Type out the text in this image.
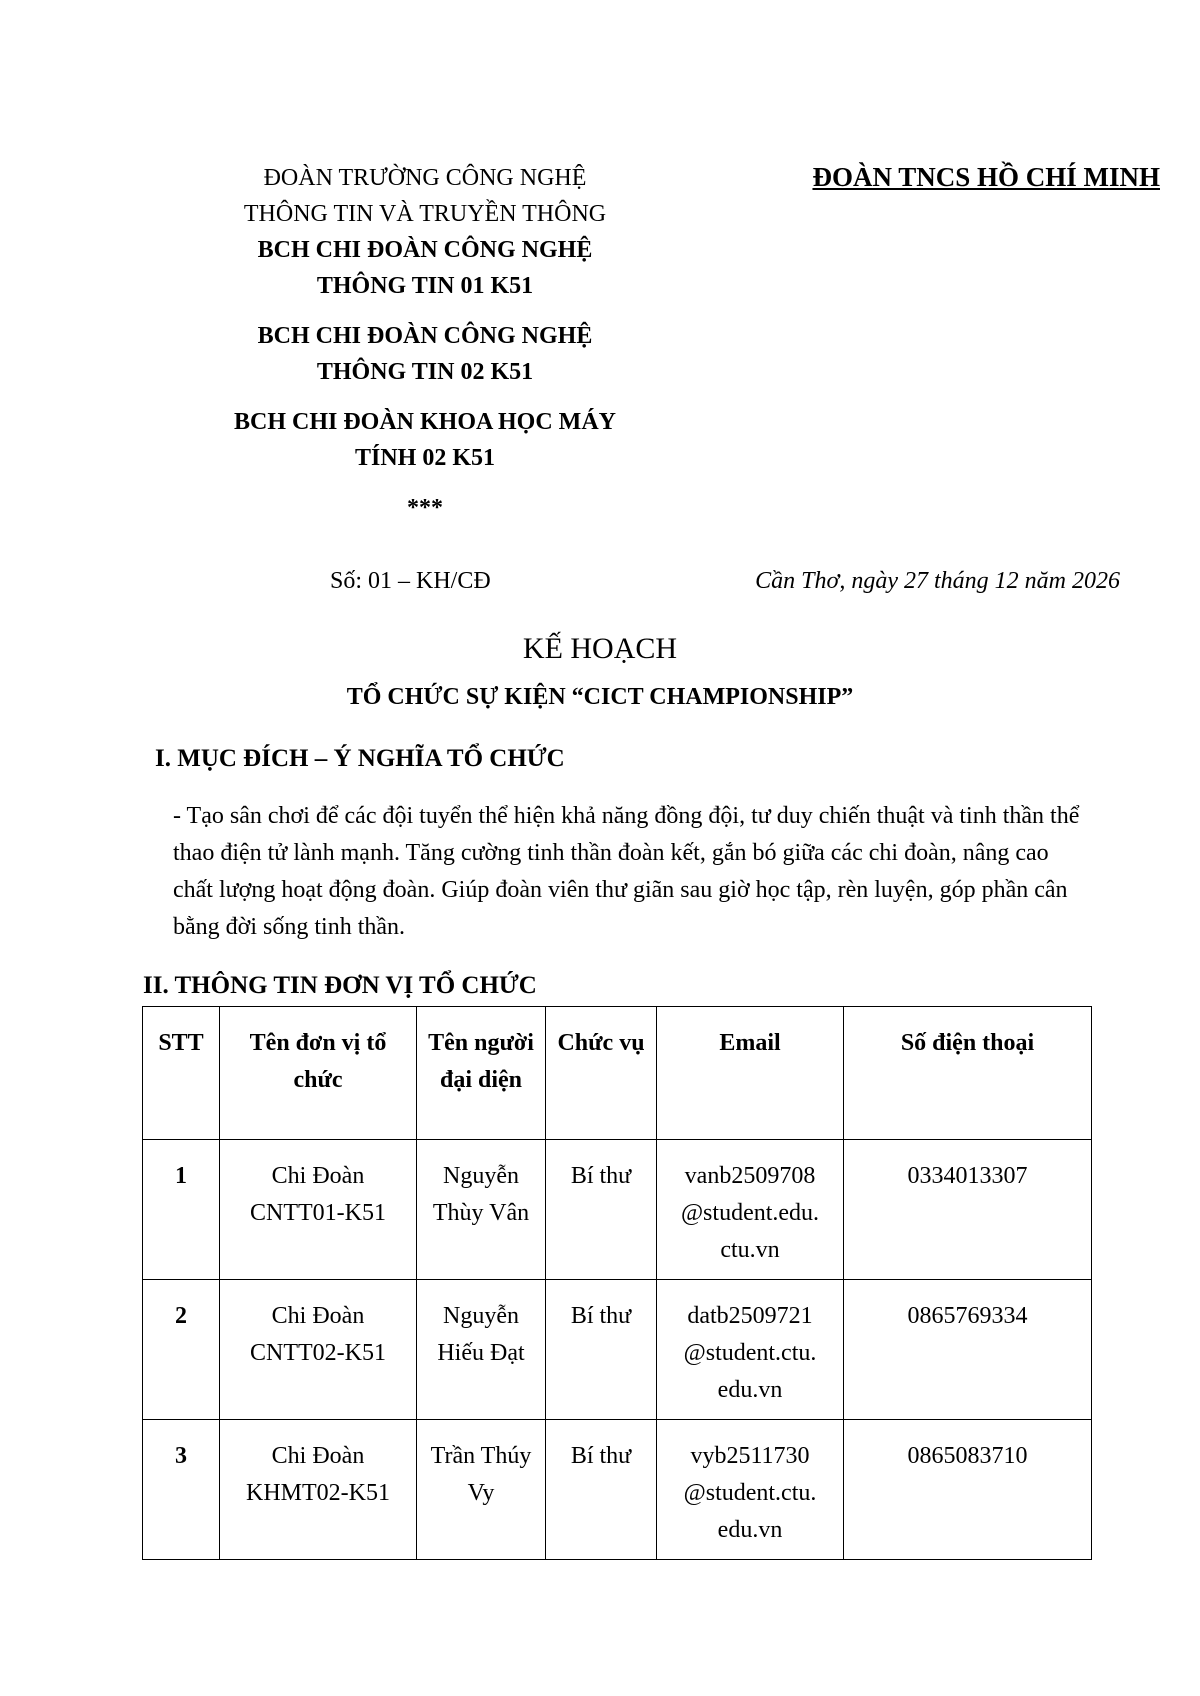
ĐOÀN TRƯỜNG CÔNG NGHỆ
THÔNG TIN VÀ TRUYỀN THÔNG
BCH CHI ĐOÀN CÔNG NGHỆ
THÔNG TIN 01 K51
BCH CHI ĐOÀN CÔNG NGHỆ
THÔNG TIN 02 K51
BCH CHI ĐOÀN KHOA HỌC MÁY
TÍNH 02 K51
***
ĐOÀN TNCS HỒ CHÍ MINH
Số: 01 – KH/CĐ	Cần Thơ, ngày 27 tháng 12 năm 2026
KẾ HOẠCH
TỔ CHỨC SỰ KIỆN “CICT CHAMPIONSHIP”
I. MỤC ĐÍCH – Ý NGHĨA TỔ CHỨC
- Tạo sân chơi để các đội tuyển thể hiện khả năng đồng đội, tư duy chiến thuật và tinh thần thể thao điện tử lành mạnh. Tăng cường tinh thần đoàn kết, gắn bó giữa các chi đoàn, nâng cao chất lượng hoạt động đoàn. Giúp đoàn viên thư giãn sau giờ học tập, rèn luyện, góp phần cân bằng đời sống tinh thần.
II. THÔNG TIN ĐƠN VỊ TỔ CHỨC
STT	Tên đơn vị tổ chức	Tên người đại diện	Chức vụ	Email	Số điện thoại
1	Chi Đoàn CNTT01-K51	Nguyễn Thùy Vân	Bí thư	vanb2509708 @student.edu. ctu.vn	0334013307
2	Chi Đoàn CNTT02-K51	Nguyễn Hiếu Đạt	Bí thư	datb2509721 @student.ctu. edu.vn	0865769334
3	Chi Đoàn KHMT02-K51	Trần Thúy Vy	Bí thư	vyb2511730 @student.ctu. edu.vn	0865083710
